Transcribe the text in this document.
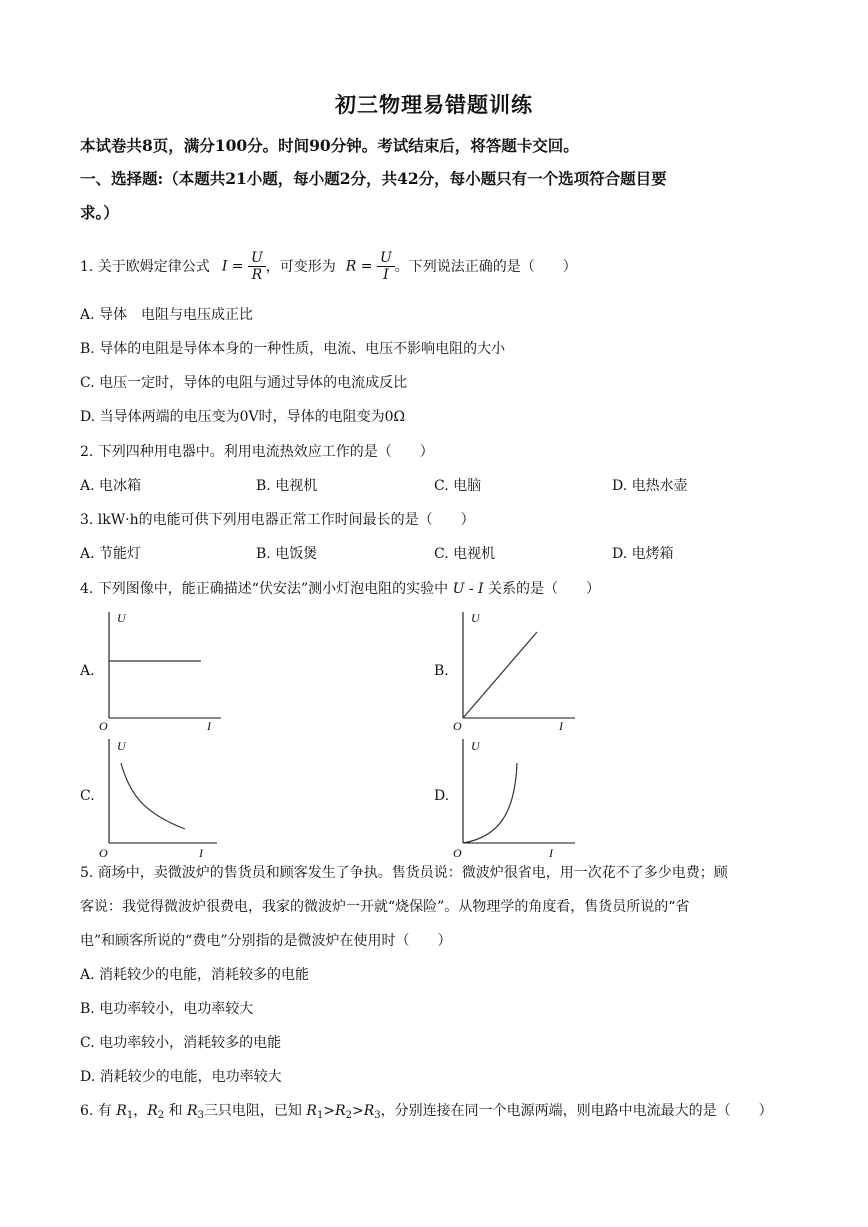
初三物理易错题训练
本试卷共8页，满分100分。时间90分钟。考试结束后，将答题卡交回。
一、选择题:（本题共21小题，每小题2分，共42分，每小题只有一个选项符合题目要
求。）
1. 关于欧姆定律公式 $I = \frac{U}{R}$ ，可变形为 $R = \frac{U}{I}$ 。下列说法正确的是（　　）
A. 导体　电阻与电压成正比
B. 导体的电阻是导体本身的一种性质，电流、电压不影响电阻的大小
C. 电压一定时，导体的电阻与通过导体的电流成反比
D. 当导体两端的电压变为0V时，导体的电阻变为0Ω
2. 下列四种用电器中。利用电流热效应工作的是（　　）
A. 电冰箱	B. 电视机	C. 电脑	D. 电热水壶
3. lkW·h的电能可供下列用电器正常工作时间最长的是（　　）
A. 节能灯	B. 电饭煲	C. 电视机	D. 电烤箱
4. 下列图像中，能正确描述“伏安法”测小灯泡电阻的实验中 U - I 关系的是（　　）
A.
U
I
O
B.
U
I
O
C.
U
I
O
D.
U
I
O
5. 商场中，卖微波炉的售货员和顾客发生了争执。售货员说：微波炉很省电，用一次花不了多少电费；顾
客说：我觉得微波炉很费电，我家的微波炉一开就“烧保险”。从物理学的角度看，售货员所说的“省
电”和顾客所说的“费电”分别指的是微波炉在使用时（　　）
A. 消耗较少的电能，消耗较多的电能
B. 电功率较小，电功率较大
C. 电功率较小，消耗较多的电能
D. 消耗较少的电能，电功率较大
6. 有 $R_1$，$R_2$ 和 $R_3$三只电阻，已知 $R_1>R_2>R_3$，分别连接在同一个电源两端，则电路中电流最大的是（　　）
